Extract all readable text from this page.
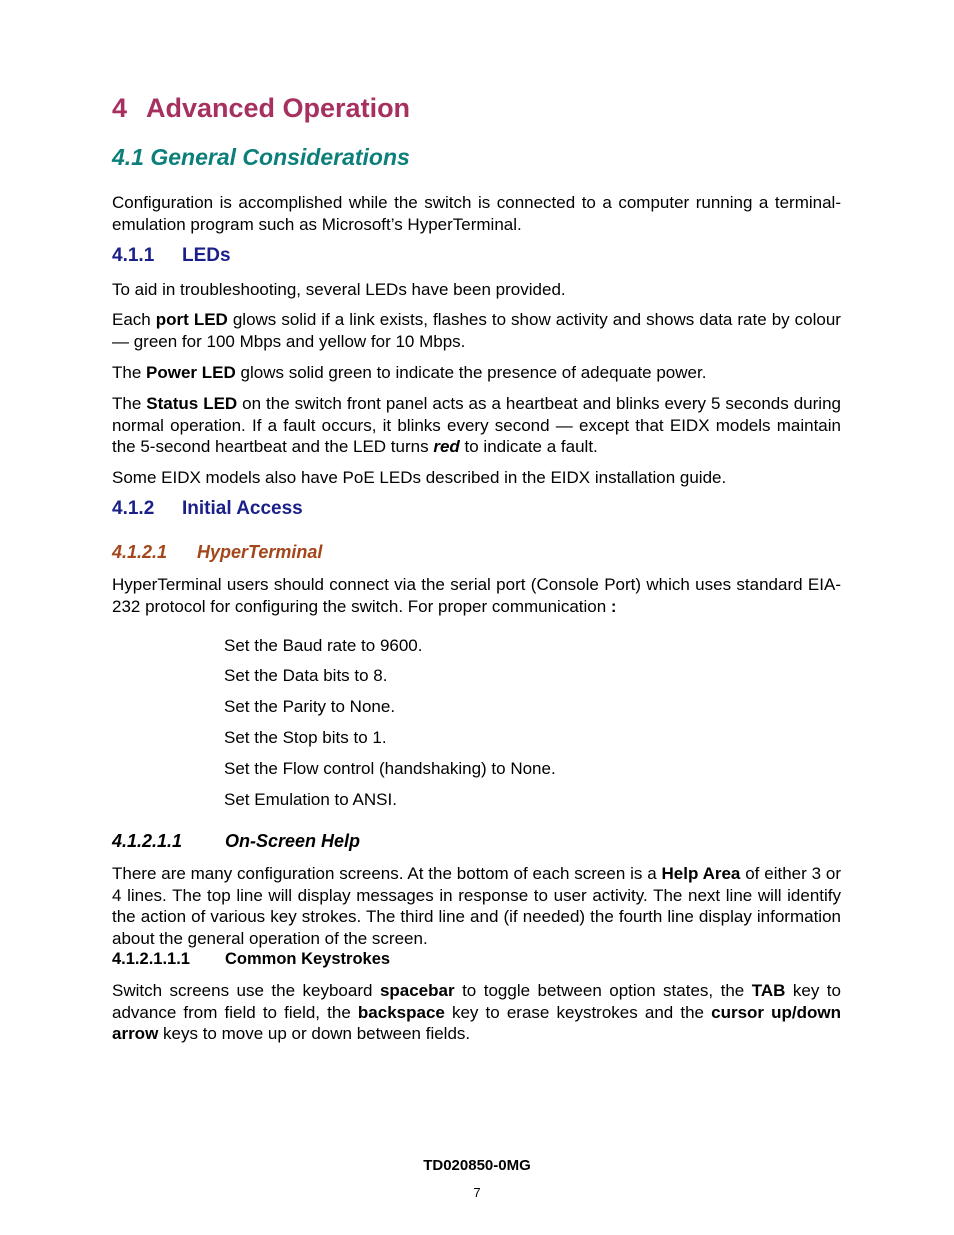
4 Advanced Operation
4.1 General Considerations

Configuration is accomplished while the switch is connected to a computer running a terminal-emulation program such as Microsoft’s HyperTerminal.

4.1.1 LEDs

To aid in troubleshooting, several LEDs have been provided.

Each port LED glows solid if a link exists, flashes to show activity and shows data rate by colour — green for 100 Mbps and yellow for 10 Mbps.

The Power LED glows solid green to indicate the presence of adequate power.

The Status LED on the switch front panel acts as a heartbeat and blinks every 5 seconds during normal operation. If a fault occurs, it blinks every second — except that EIDX models maintain the 5-second heartbeat and the LED turns red to indicate a fault.

Some EIDX models also have PoE LEDs described in the EIDX installation guide.

4.1.2 Initial Access
4.1.2.1 HyperTerminal

HyperTerminal users should connect via the serial port (Console Port) which uses standard EIA-232 protocol for configuring the switch. For proper communication :

Set the Baud rate to 9600.
Set the Data bits to 8.
Set the Parity to None.
Set the Stop bits to 1.
Set the Flow control (handshaking) to None.
Set Emulation to ANSI.
4.1.2.1.1 On-Screen Help

There are many configuration screens. At the bottom of each screen is a Help Area of either 3 or 4 lines. The top line will display messages in response to user activity. The next line will identify the action of various key strokes. The third line and (if needed) the fourth line display information about the general operation of the screen.

4.1.2.1.1.1 Common Keystrokes

Switch screens use the keyboard spacebar to toggle between option states, the TAB key to advance from field to field, the backspace key to erase keystrokes and the cursor up/down arrow keys to move up or down between fields.

TD020850-0MG
7
